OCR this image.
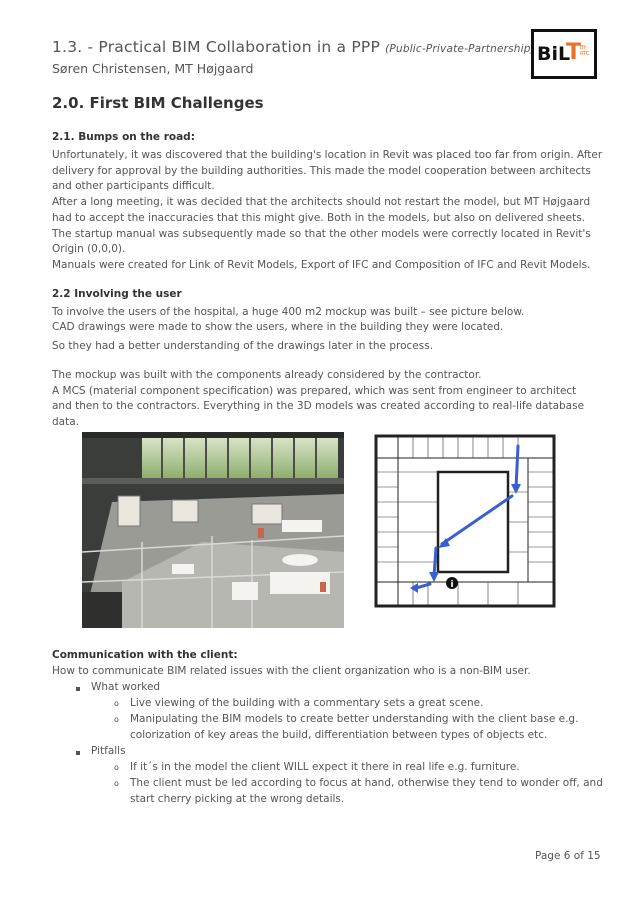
1.3. - Practical BIM Collaboration in a PPP (Public-Private-Partnership)
Søren Christensen, MT Højgaard
BiL
T
BY
RTC
2.0. First BIM Challenges
2.1. Bumps on the road:
Unfortunately, it was discovered that the building's location in Revit was placed too far from origin. After
delivery for approval by the building authorities. This made the model cooperation between architects
and other participants difficult.
After a long meeting, it was decided that the architects should not restart the model, but MT Højgaard
had to accept the inaccuracies that this might give. Both in the models, but also on delivered sheets.
The startup manual was subsequently made so that the other models were correctly located in Revit's
Origin (0,0,0).
Manuals were created for Link of Revit Models, Export of IFC and Composition of IFC and Revit Models.
2.2 Involving the user
To involve the users of the hospital, a huge 400 m2 mockup was built – see picture below.
CAD drawings were made to show the users, where in the building they were located.
So they had a better understanding of the drawings later in the process.
The mockup was built with the components already considered by the contractor.
A MCS (material component specification) was prepared, which was sent from engineer to architect
and then to the contractors. Everything in the 3D models was created according to real-life database
data.
i
Communication with the client:
How to communicate BIM related issues with the client organization who is a non-BIM user.
What worked
o Live viewing of the building with a commentary sets a great scene.
o Manipulating the BIM models to create better understanding with the client base e.g.
colorization of key areas the build, differentiation between types of objects etc.
Pitfalls
o If it´s in the model the client WILL expect it there in real life e.g. furniture.
o The client must be led according to focus at hand, otherwise they tend to wonder off, and
start cherry picking at the wrong details.
Page 6 of 15
